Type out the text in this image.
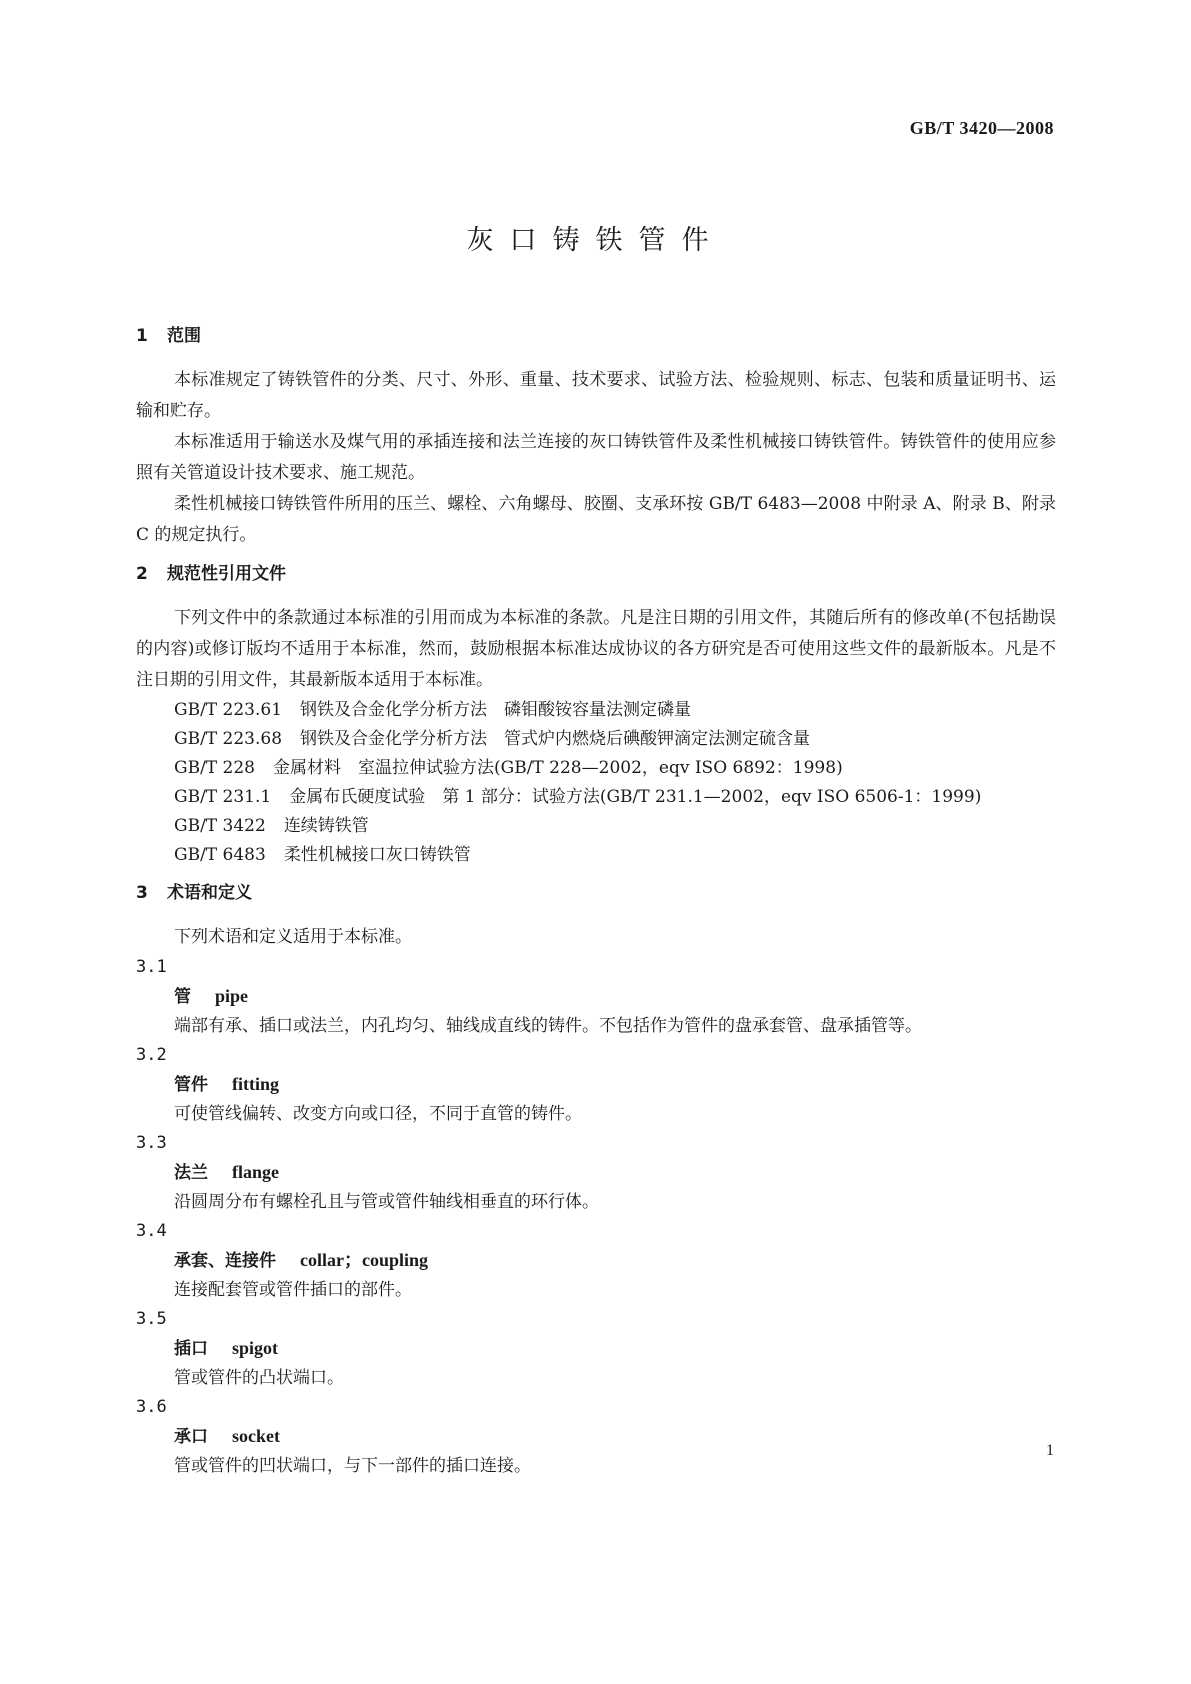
GB/T 3420—2008
灰口铸铁管件
1 范围

本标准规定了铸铁管件的分类、尺寸、外形、重量、技术要求、试验方法、检验规则、标志、包装和质量证明书、运输和贮存。

本标准适用于输送水及煤气用的承插连接和法兰连接的灰口铸铁管件及柔性机械接口铸铁管件。铸铁管件的使用应参照有关管道设计技术要求、施工规范。

柔性机械接口铸铁管件所用的压兰、螺栓、六角螺母、胶圈、支承环按 GB/T 6483—2008 中附录 A、附录 B、附录 C 的规定执行。

2 规范性引用文件

下列文件中的条款通过本标准的引用而成为本标准的条款。凡是注日期的引用文件，其随后所有的修改单(不包括勘误的内容)或修订版均不适用于本标准，然而，鼓励根据本标准达成协议的各方研究是否可使用这些文件的最新版本。凡是不注日期的引用文件，其最新版本适用于本标准。

GB/T 223.61 钢铁及合金化学分析方法　磷钼酸铵容量法测定磷量
GB/T 223.68 钢铁及合金化学分析方法　管式炉内燃烧后碘酸钾滴定法测定硫含量
GB/T 228 金属材料　室温拉伸试验方法(GB/T 228—2002，eqv ISO 6892：1998)
GB/T 231.1 金属布氏硬度试验　第 1 部分：试验方法(GB/T 231.1—2002，eqv ISO 6506-1：1999)
GB/T 3422 连续铸铁管
GB/T 6483 柔性机械接口灰口铸铁管
3 术语和定义

下列术语和定义适用于本标准。

3.1

管 pipe
端部有承、插口或法兰，内孔均匀、轴线成直线的铸件。不包括作为管件的盘承套管、盘承插管等。

3.2

管件 fitting
可使管线偏转、改变方向或口径，不同于直管的铸件。

3.3

法兰 flange
沿圆周分布有螺栓孔且与管或管件轴线相垂直的环行体。

3.4

承套、连接件 collar；coupling
连接配套管或管件插口的部件。

3.5

插口 spigot
管或管件的凸状端口。

3.6

承口 socket
管或管件的凹状端口，与下一部件的插口连接。
1
